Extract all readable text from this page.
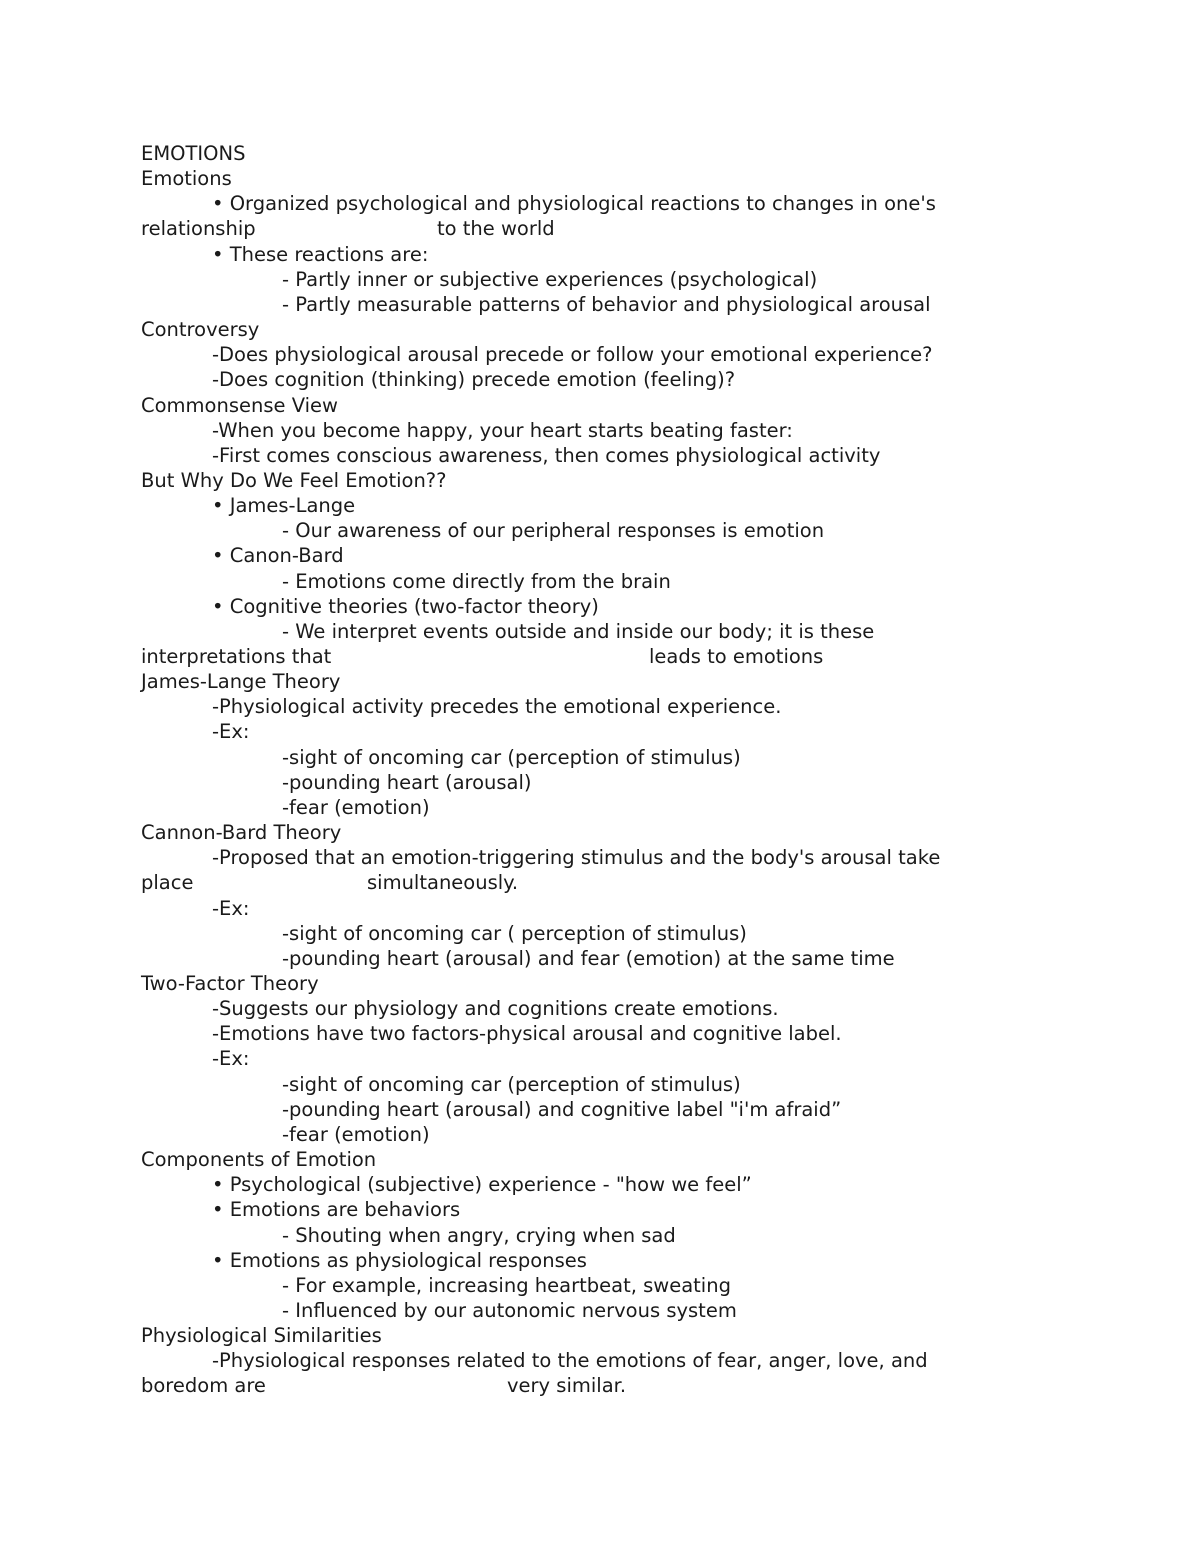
EMOTIONS
Emotions
• Organized psychological and physiological reactions to changes in one's
relationship	to the world
• These reactions are:
- Partly inner or subjective experiences (psychological)
- Partly measurable patterns of behavior and physiological arousal
Controversy
-Does physiological arousal precede or follow your emotional experience?
-Does cognition (thinking) precede emotion (feeling)?
Commonsense View
-When you become happy, your heart starts beating faster:
-First comes conscious awareness, then comes physiological activity
But Why Do We Feel Emotion??
• James-Lange
- Our awareness of our peripheral responses is emotion
• Canon-Bard
- Emotions come directly from the brain
• Cognitive theories (two-factor theory)
- We interpret events outside and inside our body; it is these
interpretations that	leads to emotions
James-Lange Theory
-Physiological activity precedes the emotional experience.
-Ex:
-sight of oncoming car (perception of stimulus)
-pounding heart (arousal)
-fear (emotion)
Cannon-Bard Theory
-Proposed that an emotion-triggering stimulus and the body's arousal take
place	simultaneously.
-Ex:
-sight of oncoming car ( perception of stimulus)
-pounding heart (arousal) and fear (emotion) at the same time
Two-Factor Theory
-Suggests our physiology and cognitions create emotions.
-Emotions have two factors-physical arousal and cognitive label.
-Ex:
-sight of oncoming car (perception of stimulus)
-pounding heart (arousal) and cognitive label "i'm afraid”
-fear (emotion)
Components of Emotion
• Psychological (subjective) experience - "how we feel”
• Emotions are behaviors
- Shouting when angry, crying when sad
• Emotions as physiological responses
- For example, increasing heartbeat, sweating
- Influenced by our autonomic nervous system
Physiological Similarities
-Physiological responses related to the emotions of fear, anger, love, and
boredom are	very similar.
